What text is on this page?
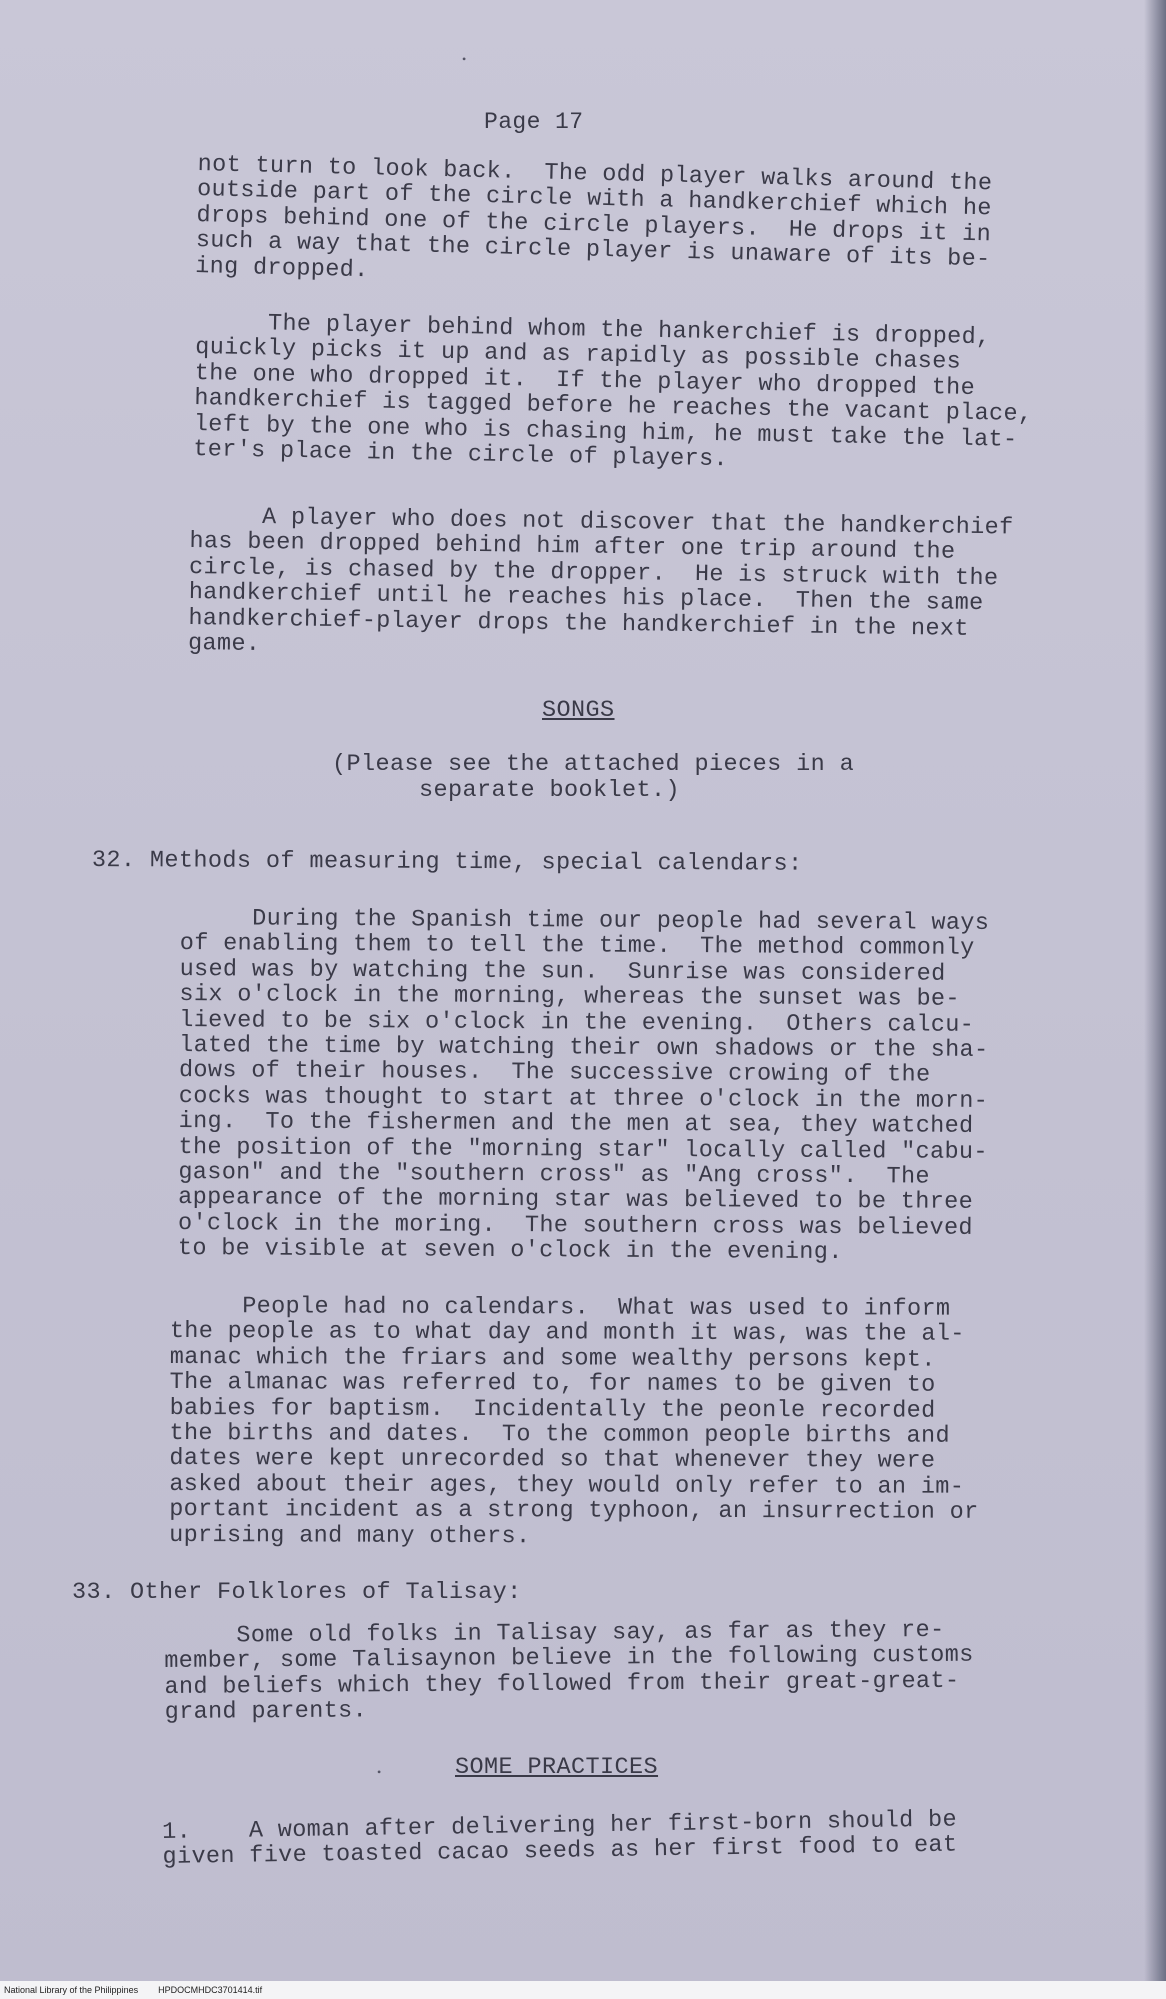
Page 17
not turn to look back.  The odd player walks around the
outside part of the circle with a handkerchief which he
drops behind one of the circle players.  He drops it in
such a way that the circle player is unaware of its be-
ing dropped.
The player behind whom the hankerchief is dropped,
quickly picks it up and as rapidly as possible chases
the one who dropped it.  If the player who dropped the
handkerchief is tagged before he reaches the vacant place,
left by the one who is chasing him, he must take the lat-
ter's place in the circle of players.
A player who does not discover that the handkerchief
has been dropped behind him after one trip around the
circle, is chased by the dropper.  He is struck with the
handkerchief until he reaches his place.  Then the same
handkerchief-player drops the handkerchief in the next
game.
SONGS
(Please see the attached pieces in a
separate booklet.)
32. Methods of measuring time, special calendars:
During the Spanish time our people had several ways
of enabling them to tell the time.  The method commonly
used was by watching the sun.  Sunrise was considered
six o'clock in the morning, whereas the sunset was be-
lieved to be six o'clock in the evening.  Others calcu-
lated the time by watching their own shadows or the sha-
dows of their houses.  The successive crowing of the
cocks was thought to start at three o'clock in the morn-
ing.  To the fishermen and the men at sea, they watched
the position of the "morning star" locally called "cabu-
gason" and the "southern cross" as "Ang cross".  The
appearance of the morning star was believed to be three
o'clock in the moring.  The southern cross was believed
to be visible at seven o'clock in the evening.
People had no calendars.  What was used to inform
the people as to what day and month it was, was the al-
manac which the friars and some wealthy persons kept.
The almanac was referred to, for names to be given to
babies for baptism.  Incidentally the peonle recorded
the births and dates.  To the common people births and
dates were kept unrecorded so that whenever they were
asked about their ages, they would only refer to an im-
portant incident as a strong typhoon, an insurrection or
uprising and many others.
33. Other Folklores of Talisay:
Some old folks in Talisay say, as far as they re-
member, some Talisaynon believe in the following customs
and beliefs which they followed from their great-great-
grand parents.
SOME PRACTICES
1.    A woman after delivering her first-born should be
given five toasted cacao seeds as her first food to eat
•
•
National Library of the Philippines HPDOCMHDC3701414.tif
